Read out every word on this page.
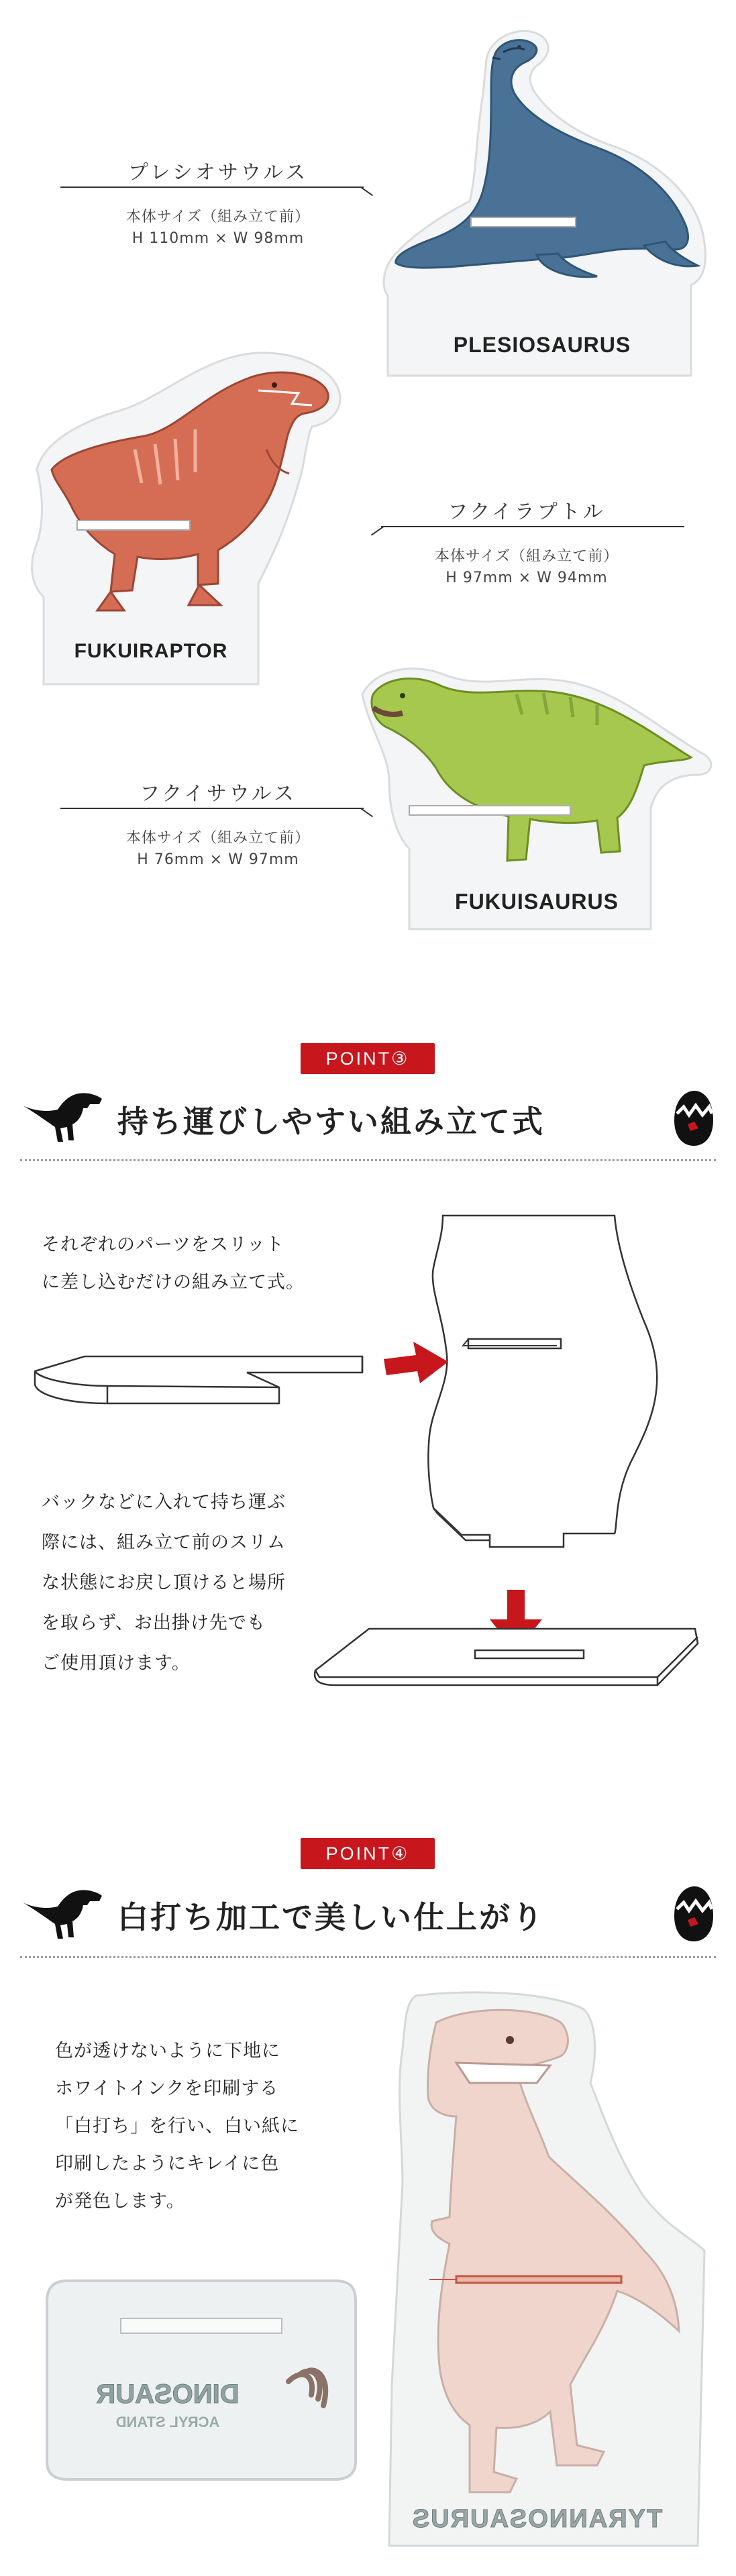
PLESIOSAURUS
プレシオサウルス
本体サイズ（組み立て前）
H 110mm × W 98mm
FUKUIRAPTOR
フクイラプトル
本体サイズ（組み立て前）
H 97mm × W 94mm
FUKUISAURUS
フクイサウルス
本体サイズ（組み立て前）
H 76mm × W 97mm
POINT③
持ち運びしやすい組み立て式
それぞれのパーツをスリット
に差し込むだけの組み立て式。
バックなどに入れて持ち運ぶ
際には、組み立て前のスリム
な状態にお戻し頂けると場所
を取らず、お出掛け先でも
ご使用頂けます。
POINT④
白打ち加工で美しい仕上がり
色が透けないように下地に
ホワイトインクを印刷する
「白打ち」を行い、白い紙に
印刷したようにキレイに色
が発色します。
DINOSAUR
ACRYL STAND
TYRANNOSAURUS
